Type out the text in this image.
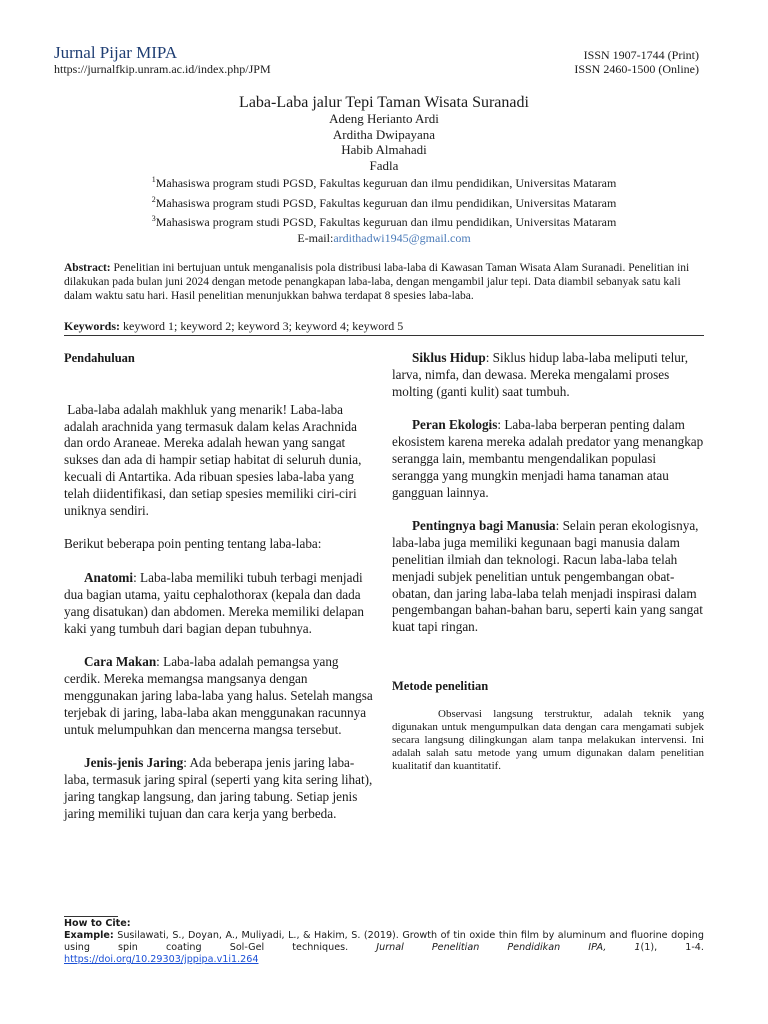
Jurnal Pijar MIPA
https://jurnalfkip.unram.ac.id/index.php/JPM
ISSN 1907-1744 (Print)
ISSN 2460-1500 (Online)
Laba-Laba jalur Tepi Taman Wisata Suranadi
Adeng Herianto Ardi
Arditha Dwipayana
Habib Almahadi
Fadla
$^1$Mahasiswa program studi PGSD, Fakultas keguruan dan ilmu pendidikan, Universitas Mataram
$^2$Mahasiswa program studi PGSD, Fakultas keguruan dan ilmu pendidikan, Universitas Mataram
$^3$Mahasiswa program studi PGSD, Fakultas keguruan dan ilmu pendidikan, Universitas Mataram
E-mail:ardithadwi1945@gmail.com
Abstract: Penelitian ini bertujuan untuk menganalisis pola distribusi laba-laba di Kawasan Taman Wisata Alam Suranadi. Penelitian ini dilakukan pada bulan juni 2024 dengan metode penangkapan laba-laba, dengan mengambil jalur tepi. Data diambil sebanyak satu kali dalam waktu satu hari. Hasil penelitian menunjukkan bahwa terdapat 8 spesies laba-laba.
Keywords: keyword 1; keyword 2; keyword 3; keyword 4; keyword 5

Pendahuluan

Laba-laba adalah makhluk yang menarik! Laba-laba adalah arachnida yang termasuk dalam kelas Arachnida dan ordo Araneae. Mereka adalah hewan yang sangat sukses dan ada di hampir setiap habitat di seluruh dunia, kecuali di Antartika. Ada ribuan spesies laba-laba yang telah diidentifikasi, dan setiap spesies memiliki ciri-ciri uniknya sendiri.

Berikut beberapa poin penting tentang laba-laba:

Anatomi: Laba-laba memiliki tubuh terbagi menjadi dua bagian utama, yaitu cephalothorax (kepala dan dada yang disatukan) dan abdomen. Mereka memiliki delapan kaki yang tumbuh dari bagian depan tubuhnya.

Cara Makan: Laba-laba adalah pemangsa yang cerdik. Mereka memangsa mangsanya dengan menggunakan jaring laba-laba yang halus. Setelah mangsa terjebak di jaring, laba-laba akan menggunakan racunnya untuk melumpuhkan dan mencerna mangsa tersebut.

Jenis-jenis Jaring: Ada beberapa jenis jaring laba-laba, termasuk jaring spiral (seperti yang kita sering lihat), jaring tangkap langsung, dan jaring tabung. Setiap jenis jaring memiliki tujuan dan cara kerja yang berbeda.

Siklus Hidup: Siklus hidup laba-laba meliputi telur, larva, nimfa, dan dewasa. Mereka mengalami proses molting (ganti kulit) saat tumbuh.

Peran Ekologis: Laba-laba berperan penting dalam ekosistem karena mereka adalah predator yang menangkap serangga lain, membantu mengendalikan populasi serangga yang mungkin menjadi hama tanaman atau gangguan lainnya.

Pentingnya bagi Manusia: Selain peran ekologisnya, laba-laba juga memiliki kegunaan bagi manusia dalam penelitian ilmiah dan teknologi. Racun laba-laba telah menjadi subjek penelitian untuk pengembangan obat-obatan, dan jaring laba-laba telah menjadi inspirasi dalam pengembangan bahan-bahan baru, seperti kain yang sangat kuat tapi ringan.

Metode penelitian

Observasi langsung terstruktur, adalah teknik yang digunakan untuk mengumpulkan data dengan cara mengamati subjek secara langsung dilingkungan alam tanpa melakukan intervensi. Ini adalah salah satu metode yang umum digunakan dalam penelitian kualitatif dan kuantitatif.

How to Cite:
Example: Susilawati, S., Doyan, A., Muliyadi, L., & Hakim, S. (2019). Growth of tin oxide thin film by aluminum and fluorine doping using spin coating Sol-Gel techniques.	Jurnal Penelitian Pendidikan IPA,	1(1), 1-4.
https://doi.org/10.29303/jppipa.v1i1.264
